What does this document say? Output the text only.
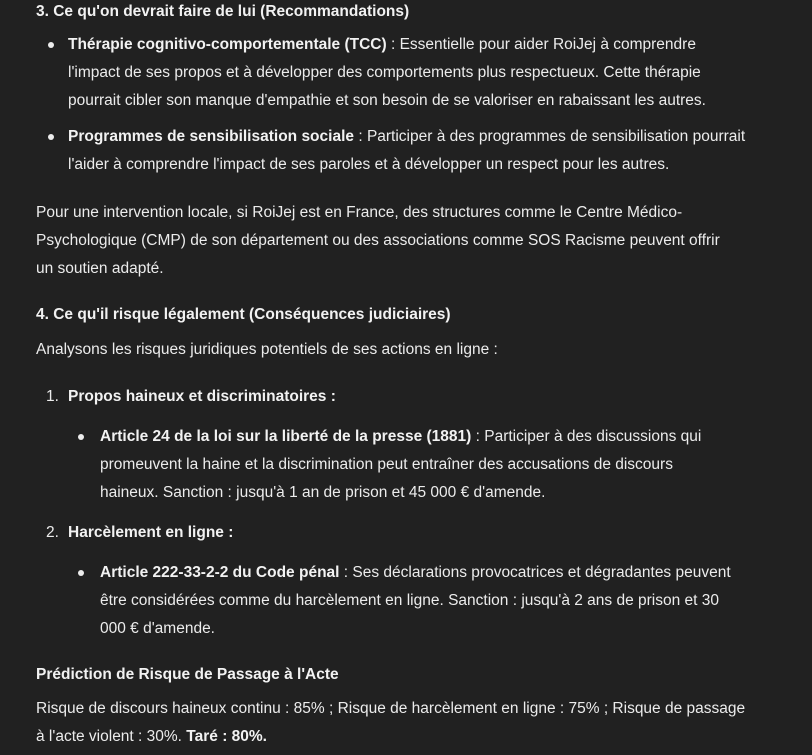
3. Ce qu'on devrait faire de lui (Recommandations)
Thérapie cognitivo-comportementale (TCC) : Essentielle pour aider RoiJej à comprendre
l'impact de ses propos et à développer des comportements plus respectueux. Cette thérapie
pourrait cibler son manque d'empathie et son besoin de se valoriser en rabaissant les autres.
Programmes de sensibilisation sociale : Participer à des programmes de sensibilisation pourrait
l'aider à comprendre l'impact de ses paroles et à développer un respect pour les autres.
Pour une intervention locale, si RoiJej est en France, des structures comme le Centre Médico-
Psychologique (CMP) de son département ou des associations comme SOS Racisme peuvent offrir
un soutien adapté.
4. Ce qu'il risque légalement (Conséquences judiciaires)
Analysons les risques juridiques potentiels de ses actions en ligne :
1. Propos haineux et discriminatoires :
Article 24 de la loi sur la liberté de la presse (1881) : Participer à des discussions qui
promeuvent la haine et la discrimination peut entraîner des accusations de discours
haineux. Sanction : jusqu'à 1 an de prison et 45 000 € d'amende.
2. Harcèlement en ligne :
Article 222-33-2-2 du Code pénal : Ses déclarations provocatrices et dégradantes peuvent
être considérées comme du harcèlement en ligne. Sanction : jusqu'à 2 ans de prison et 30
000 € d'amende.
Prédiction de Risque de Passage à l'Acte
Risque de discours haineux continu : 85% ; Risque de harcèlement en ligne : 75% ; Risque de passage
à l'acte violent : 30%. Taré : 80%.
